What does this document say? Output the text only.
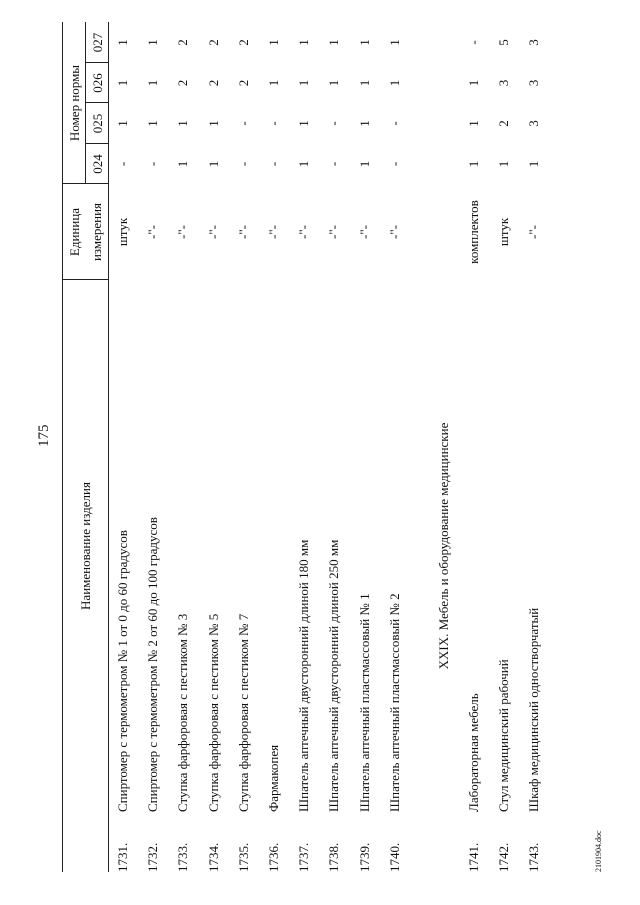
175
Наименование изделия
Единица измерения
Номер нормы
024
025
026
027
1731.
Спиртомер с термометром № 1 от 0 до 60 градусов
штук
-
1
1
1
1732.
Спиртомер с термометром № 2 от 60 до 100 градусов
-"-
-
1
1
1
1733.
Ступка фарфоровая с пестиком № 3
-"-
1
1
2
2
1734.
Ступка фарфоровая с пестиком № 5
-"-
1
1
2
2
1735.
Ступка фарфоровая с пестиком № 7
-"-
-
-
2
2
1736.
Фармакопея
-"-
-
-
1
1
1737.
Шпатель аптечный двусторонний длиной 180 мм
-"-
1
1
1
1
1738.
Шпатель аптечный двусторонний длиной 250 мм
-"-
-
-
1
1
1739.
Шпатель аптечный пластмассовый № 1
-"-
1
1
1
1
1740.
Шпатель аптечный пластмассовый № 2
-"-
-
-
1
1
1741.
Лабораторная мебель
комплектов
1
1
1
-
1742.
Стул медицинский рабочий
штук
1
2
3
5
1743.
Шкаф медицинский одностворчатый
-"-
1
3
3
3
XXIX. Мебель и оборудование медицинские
2101904.doc
